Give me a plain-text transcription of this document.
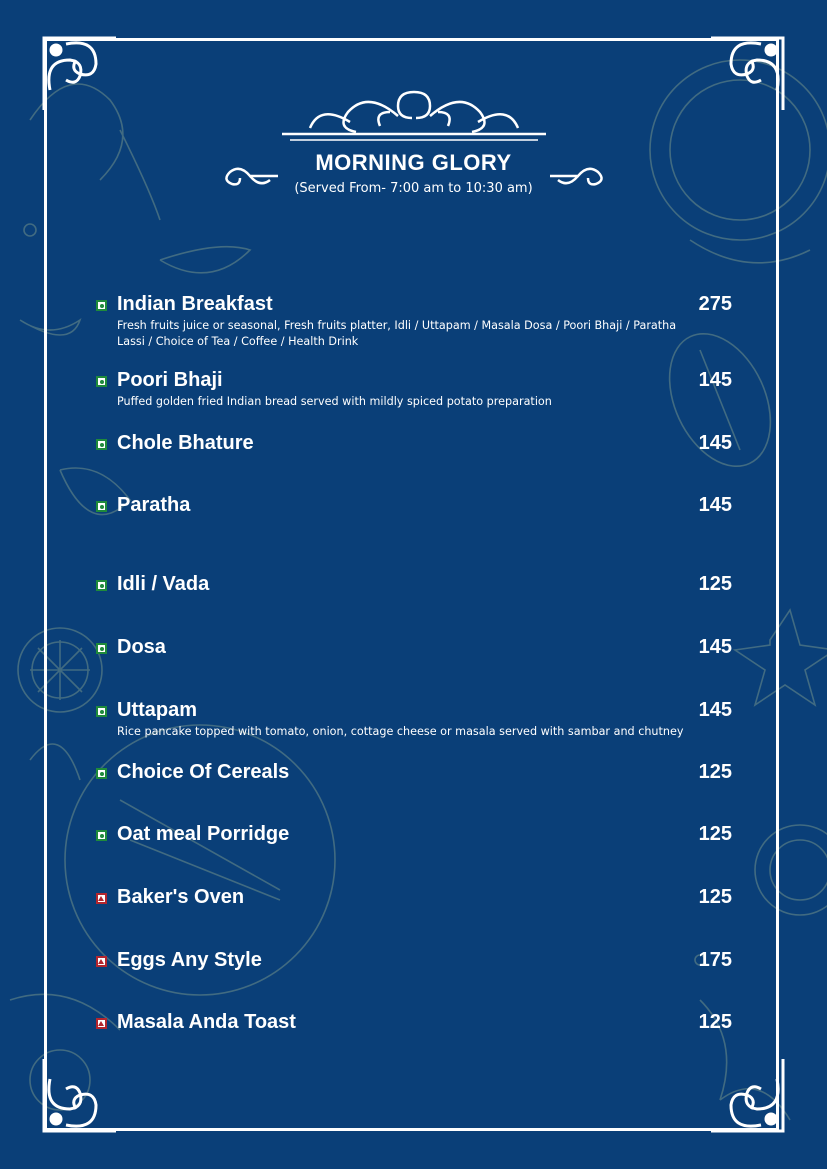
MORNING GLORY
(Served From- 7:00 am to 10:30 am)
Indian Breakfast	275
Fresh fruits juice or seasonal, Fresh fruits platter, Idli / Uttapam / Masala Dosa / Poori Bhaji / Paratha
Lassi / Choice of Tea / Coffee / Health Drink
Poori Bhaji	145
Puffed golden fried Indian bread served with mildly spiced potato preparation
Chole Bhature	145
Paratha	145
Idli / Vada	125
Dosa	145
Uttapam	145
Rice pancake topped with tomato, onion, cottage cheese or masala served with sambar and chutney
Choice Of Cereals	125
Oat meal Porridge	125
Baker's Oven	125
Eggs Any Style	175
Masala Anda Toast	125
